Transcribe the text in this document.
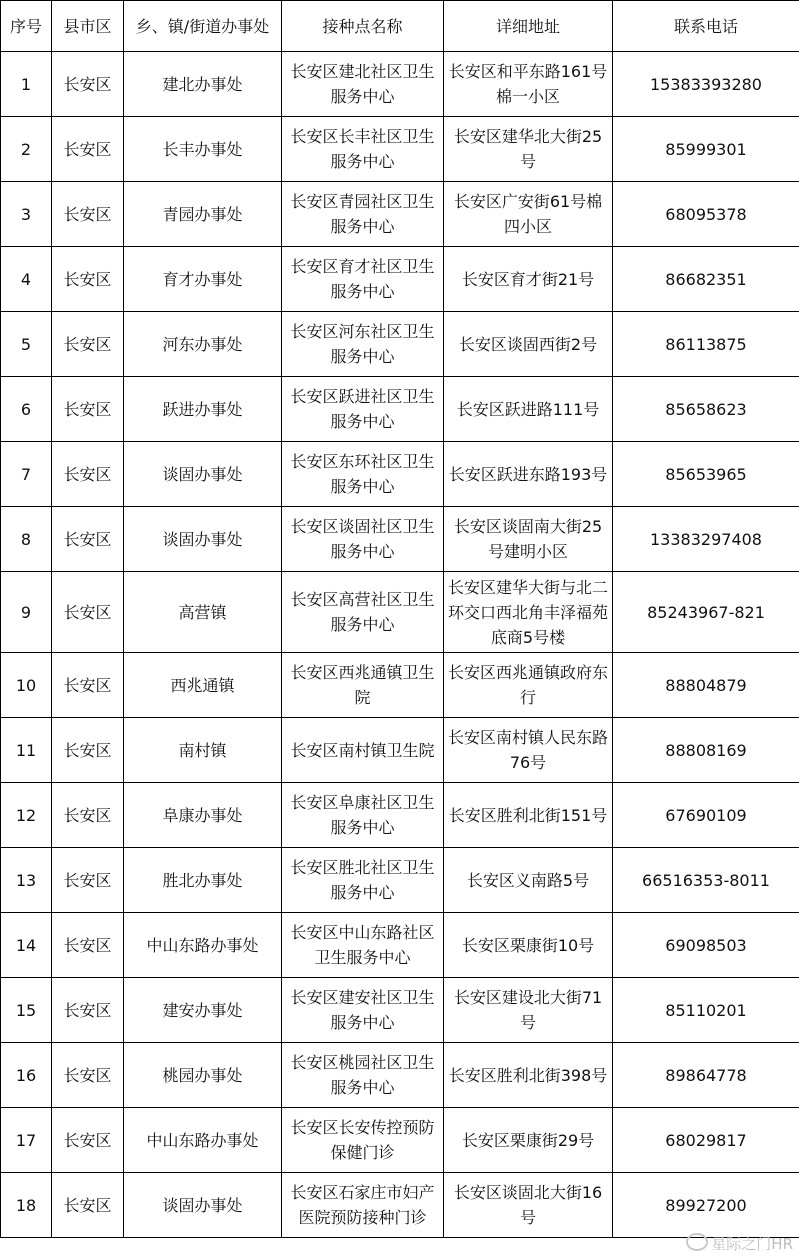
序号	县市区	乡、镇/街道办事处	接种点名称	详细地址	联系电话
1	长安区	建北办事处	长安区建北社区卫生服务中心	长安区和平东路161号棉一小区	15383393280
2	长安区	长丰办事处	长安区长丰社区卫生服务中心	长安区建华北大街25号	85999301
3	长安区	青园办事处	长安区青园社区卫生服务中心	长安区广安街61号棉四小区	68095378
4	长安区	育才办事处	长安区育才社区卫生服务中心	长安区育才街21号	86682351
5	长安区	河东办事处	长安区河东社区卫生服务中心	长安区谈固西街2号	86113875
6	长安区	跃进办事处	长安区跃进社区卫生服务中心	长安区跃进路111号	85658623
7	长安区	谈固办事处	长安区东环社区卫生服务中心	长安区跃进东路193号	85653965
8	长安区	谈固办事处	长安区谈固社区卫生服务中心	长安区谈固南大街25号建明小区	13383297408
9	长安区	高营镇	长安区高营社区卫生服务中心	长安区建华大街与北二环交口西北角丰泽福苑底商5号楼	85243967-821
10	长安区	西兆通镇	长安区西兆通镇卫生院	长安区西兆通镇政府东行	88804879
11	长安区	南村镇	长安区南村镇卫生院	长安区南村镇人民东路76号	88808169
12	长安区	阜康办事处	长安区阜康社区卫生服务中心	长安区胜利北街151号	67690109
13	长安区	胜北办事处	长安区胜北社区卫生服务中心	长安区义南路5号	66516353-8011
14	长安区	中山东路办事处	长安区中山东路社区卫生服务中心	长安区栗康街10号	69098503
15	长安区	建安办事处	长安区建安社区卫生服务中心	长安区建设北大街71号	85110201
16	长安区	桃园办事处	长安区桃园社区卫生服务中心	长安区胜利北街398号	89864778
17	长安区	中山东路办事处	长安区长安传控预防保健门诊	长安区栗康街29号	68029817
18	长安区	谈固办事处	长安区石家庄市妇产医院预防接种门诊	长安区谈固北大街16号	89927200
星际之门HR
